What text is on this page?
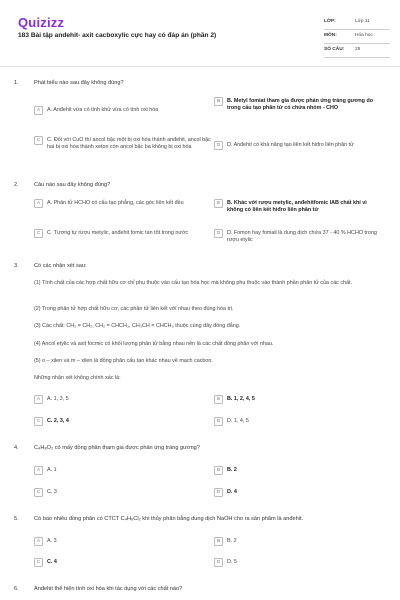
Quizizz
183 Bài tập andehit- axit cacboxylic cực hay có đáp án (phần 2)
LỚP:	Lớp 11
MÔN:	Hóa học
SỐ CÂU:	25
1.	Phát biểu nào sau đây không đúng?
A	A. Anđehit vừa có tính khử vừa có tính oxi hóa
B	B. Metyl fomiat tham gia được phản ứng tráng gương do trong cấu tạo phân tử có chứa nhóm - CHO
C	C. Đối với CuO thì ancol bậc một bị oxi hóa thành anđehit, ancol bậc hai bị oxi hóa thành xeton còn ancol bậc ba không bị oxi hóa	D	D. Anđehit có khả năng tạo liên kết hiđro liên phân tử
2.	Câu nào sau đây không đúng?
A	A. Phân tử HCHO có cấu tạo phẳng, các góc liên kết đều	B	B. Khác với rượu metylic, anđehitfomic lAB chất khí vì không có liên kết hiđro liên phân tử
C	C. Tương tự rượu metylic, anđehit fomic tan tốt trong nước	D	D. Fomon hay fomali là dung dịch chứa 37 - 40 % HCHO trong rượu etylic
3.	Có các nhận xét sau:
(1) Tính chất của các hợp chất hữu cơ chỉ phụ thuộc vào cấu tạo hóa học mà không phụ thuộc vào thành phần phân tử của các chất.
(2) Trong phân tử hợp chất hữu cơ, các phân tử liên kết với nhau theo đúng hóa trị.
(3) Các chất: CH₂ = CH₂, CH₂ = CHCH₃, CH₃CH = CHCH₃ thuộc cùng dãy đồng đẳng.
(4) Ancol etylic và axit focmic có khối lượng phân tử bằng nhau nên là các chất đồng phân với nhau.
(5) o – xilen và m – xilen là đồng phân cấu tạo khác nhau về mạch cacbon.
Những nhận xét không chính xác là:
A	A. 1, 3, 5	B	B. 1, 2, 4, 5
C	C. 2, 3, 4	D	D. 1, 4, 5
4.	C₄H₈O₂ có mấy đồng phân tham gia được phản ứng tráng gương?
A	A. 1	B	B. 2
C	C. 3	D	D. 4
5.	Có bao nhiêu đồng phân có CTCT C₄H₆Cl₂ khi thủy phân bằng dung dịch NaOH cho ra sản phẩm là anđehit.
A	A. 3	B	B. 2
C	C. 4	D	D. 5
6.	Anđehit thể hiện tính oxi hóa khi tác dụng với các chất nào?
